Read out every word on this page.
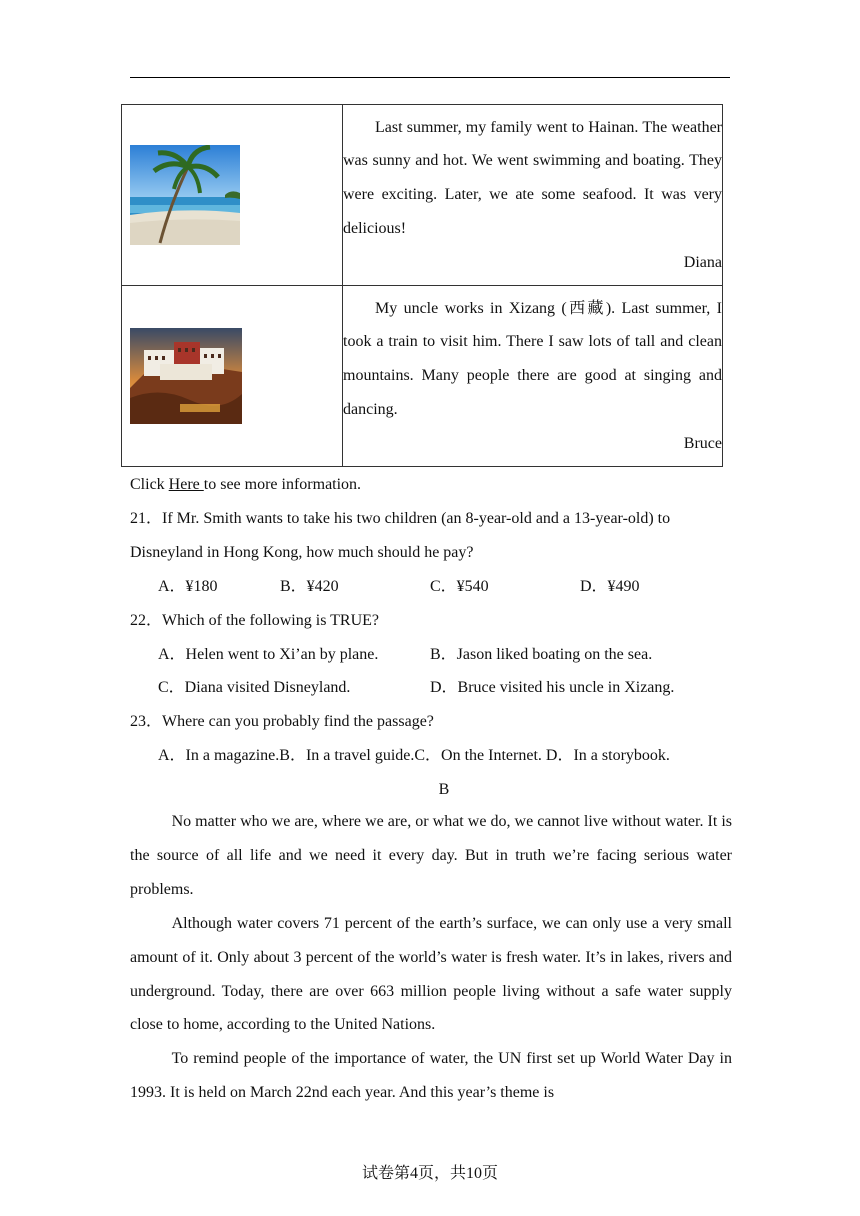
Last summer, my family went to Hainan. The weather was sunny and hot. We went swimming and boating. They were exciting. Later, we ate some seafood. It was very delicious!

Diana

My uncle works in Xizang (西藏). Last summer, I took a train to visit him. There I saw lots of tall and clean mountains. Many people there are good at singing and dancing.

Bruce

Click Here to see more information.
21．If Mr. Smith wants to take his two children (an 8-year-old and a 13-year-old) to
Disneyland in Hong Kong, how much should he pay?
A．¥180	B．¥420	C．¥540	D．¥490
22．Which of the following is TRUE?
A．Helen went to Xi’an by plane.	B．Jason liked boating on the sea.
C．Diana visited Disneyland.	D．Bruce visited his uncle in Xizang.
23．Where can you probably find the passage?
A．In a magazine.B．In a travel guide.C．On the Internet. D．In a storybook.
B

No matter who we are, where we are, or what we do, we cannot live without water. It is the source of all life and we need it every day. But in truth we’re facing serious water problems.

Although water covers 71 percent of the earth’s surface, we can only use a very small amount of it. Only about 3 percent of the world’s water is fresh water. It’s in lakes, rivers and underground. Today, there are over 663 million people living without a safe water supply close to home, according to the United Nations.

To remind people of the importance of water, the UN first set up World Water Day in 1993. It is held on March 22nd each year. And this year’s theme is

试卷第4页，共10页
